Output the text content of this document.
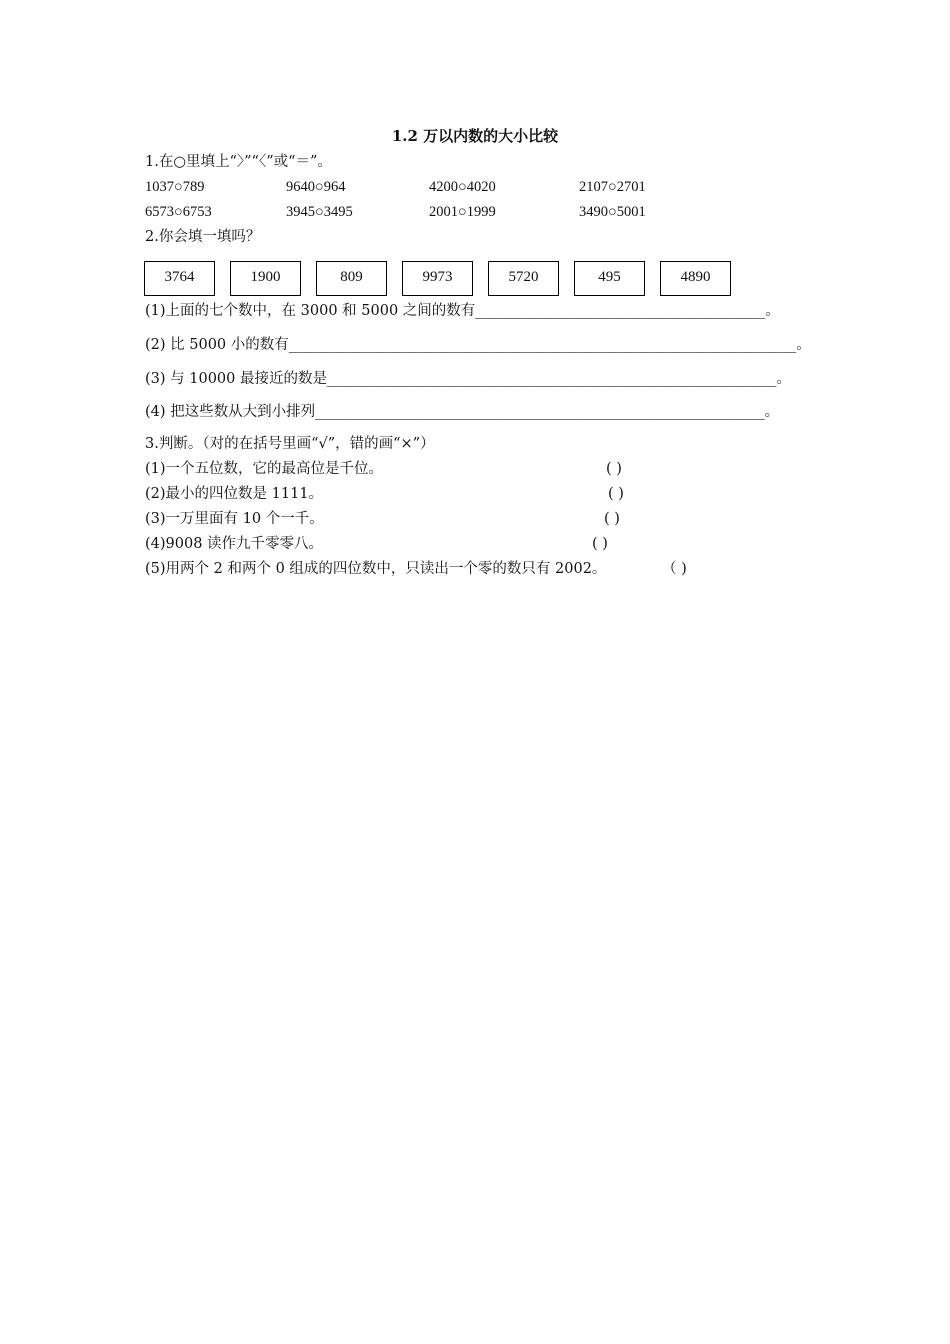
1.2 万以内数的大小比较
1.在○里填上“〉”“〈”或“＝”。
1037○789	9640○964	4200○4020	2107○2701
6573○6753	3945○3495	2001○1999	3490○5001
2.你会填一填吗？
3764	1900	809	9973	5720	495	4890
(1)上面的七个数中，在 3000 和 5000 之间的数有________________________________________。
(2) 比 5000 小的数有______________________________________________________________________。
(3) 与 10000 最接近的数是______________________________________________________________。
(4) 把这些数从大到小排列______________________________________________________________。
3.判断。（对的在括号里画“√”，错的画“×”）
(1)一个五位数，它的最高位是千位。	( )
(2)最小的四位数是 1111。	( )
(3)一万里面有 10 个一千。	( )
(4)9008 读作九千零零八。	( )
(5)用两个 2 和两个 0 组成的四位数中，只读出一个零的数只有 2002。	（ )
